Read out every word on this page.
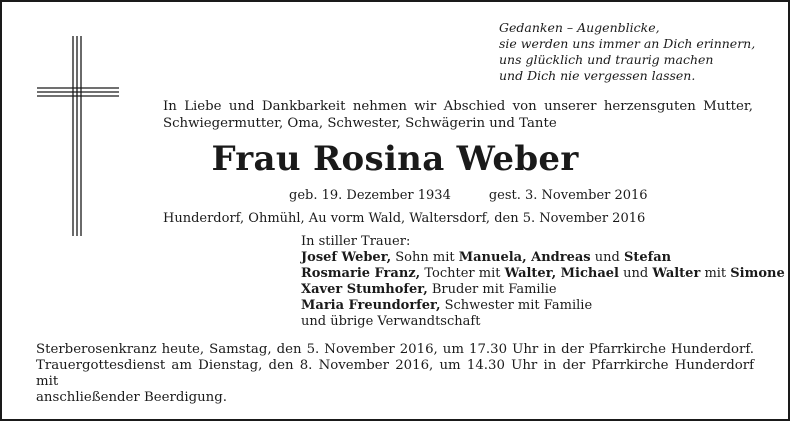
Gedanken – Augenblicke,
sie werden uns immer an Dich erinnern,
uns glücklich und traurig machen
und Dich nie vergessen lassen.
In Liebe und Dankbarkeit nehmen wir Abschied von unserer herzensguten Mutter, Schwiegermutter, Oma, Schwester, Schwägerin und Tante
Frau Rosina Weber
geb. 19. Dezember 1934	gest. 3. November 2016
Hunderdorf, Ohmühl, Au vorm Wald, Waltersdorf, den 5. November 2016
In stiller Trauer:
Josef Weber, Sohn mit Manuela, Andreas und Stefan
Rosmarie Franz, Tochter mit Walter, Michael und Walter mit Simone
Xaver Stumhofer, Bruder mit Familie
Maria Freundorfer, Schwester mit Familie
und übrige Verwandtschaft
Sterberosenkranz heute, Samstag, den 5. November 2016, um 17.30 Uhr in der Pfarrkirche Hunderdorf.
Trauergottesdienst am Dienstag, den 8. November 2016, um 14.30 Uhr in der Pfarrkirche Hunderdorf mit
anschließender Beerdigung.
